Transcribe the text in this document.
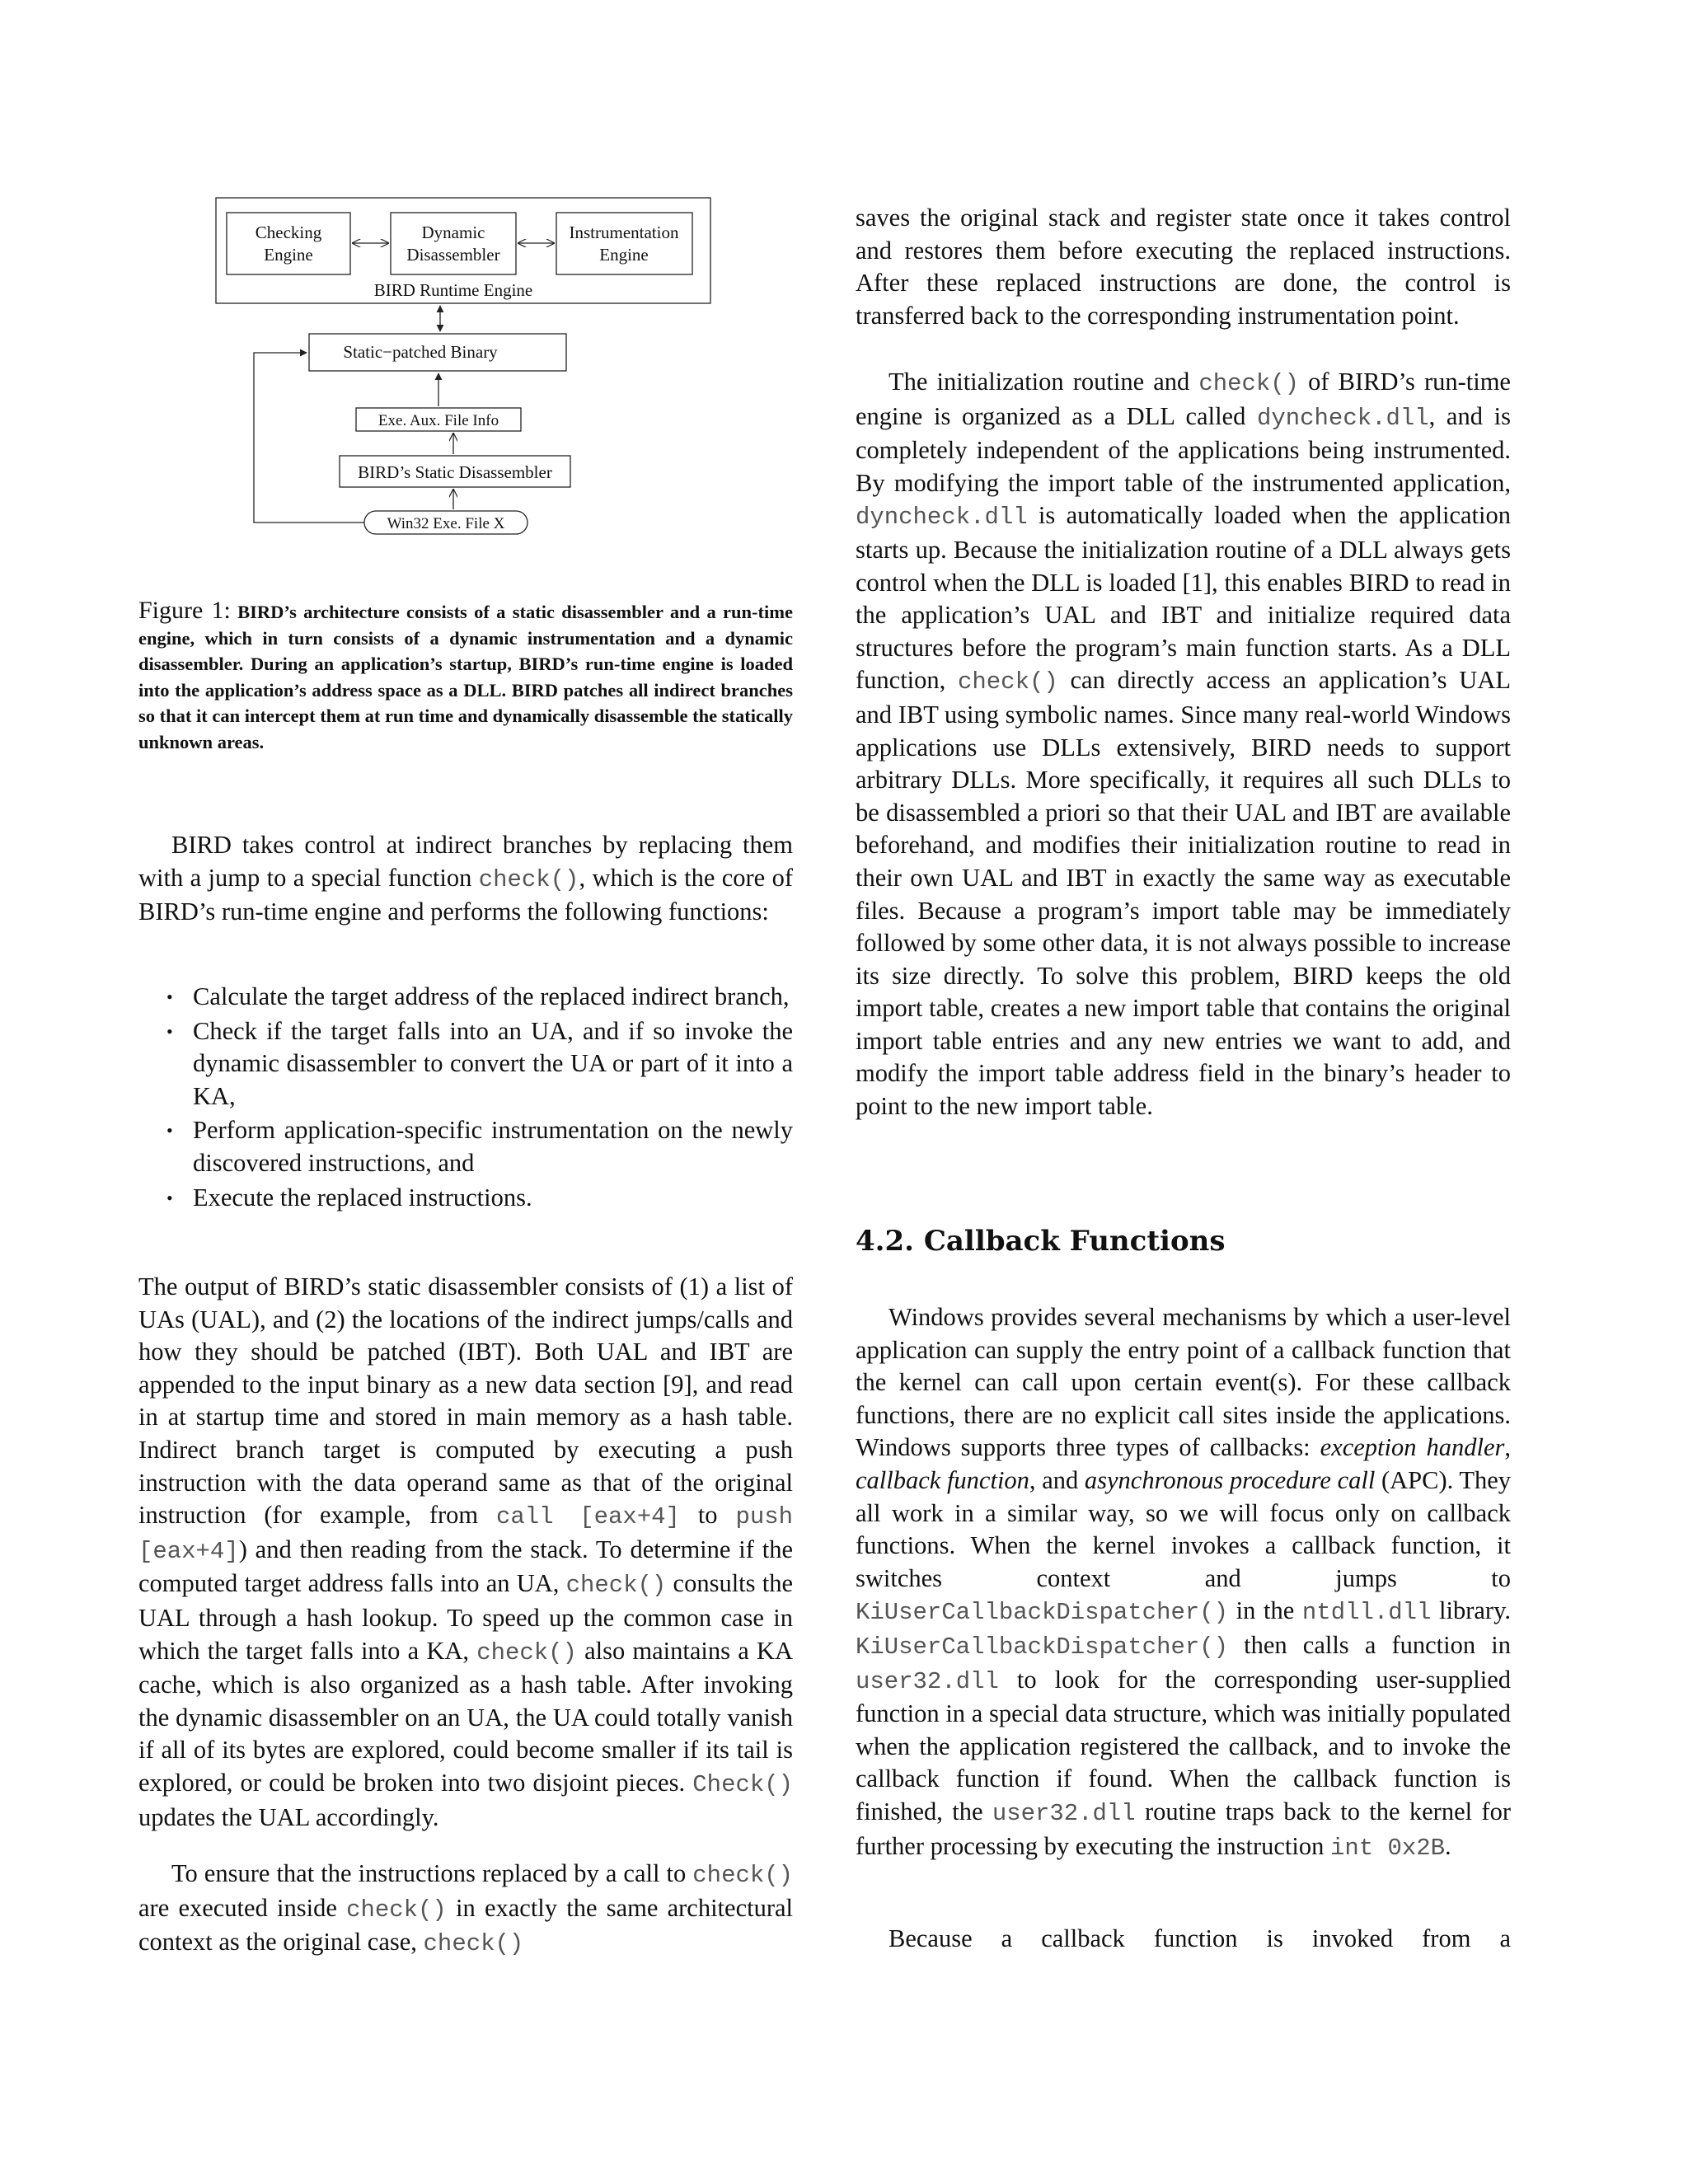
Checking
Engine
Dynamic
Disassembler
Instrumentation
Engine
BIRD Runtime Engine
Static−patched Binary
Exe. Aux. File Info
BIRD’s Static Disassembler
Win32 Exe. File X
Figure 1: BIRD’s architecture consists of a static disassembler and a run-time engine, which in turn consists of a dynamic instrumentation and a dynamic disassembler. During an application’s startup, BIRD’s run-time engine is loaded into the application’s address space as a DLL. BIRD patches all indirect branches so that it can intercept them at run time and dynamically disassemble the statically unknown areas.

BIRD takes control at indirect branches by replacing them with a jump to a special function check(), which is the core of BIRD’s run-time engine and performs the following functions:

• Calculate the target address of the replaced indirect branch,
• Check if the target falls into an UA, and if so invoke the dynamic disassembler to convert the UA or part of it into a KA,
• Perform application-specific instrumentation on the newly discovered instructions, and
• Execute the replaced instructions.

The output of BIRD’s static disassembler consists of (1) a list of UAs (UAL), and (2) the locations of the indirect jumps/calls and how they should be patched (IBT). Both UAL and IBT are appended to the input binary as a new data section [9], and read in at startup time and stored in main memory as a hash table. Indirect branch target is computed by executing a push instruction with the data operand same as that of the original instruction (for example, from call [eax+4] to push [eax+4]) and then reading from the stack. To determine if the computed target address falls into an UA, check() consults the UAL through a hash lookup. To speed up the common case in which the target falls into a KA, check() also maintains a KA cache, which is also organized as a hash table. After invoking the dynamic disassembler on an UA, the UA could totally vanish if all of its bytes are explored, could become smaller if its tail is explored, or could be broken into two disjoint pieces. Check() updates the UAL accordingly.

To ensure that the instructions replaced by a call to check() are executed inside check() in exactly the same architectural context as the original case, check()

saves the original stack and register state once it takes control and restores them before executing the replaced instructions. After these replaced instructions are done, the control is transferred back to the corresponding instrumentation point.

The initialization routine and check() of BIRD’s run-time engine is organized as a DLL called dyncheck.dll, and is completely independent of the applications being instrumented. By modifying the import table of the instrumented application, dyncheck.dll is automatically loaded when the application starts up. Because the initialization routine of a DLL always gets control when the DLL is loaded [1], this enables BIRD to read in the application’s UAL and IBT and initialize required data structures before the program’s main function starts. As a DLL function, check() can directly access an application’s UAL and IBT using symbolic names. Since many real-world Windows applications use DLLs extensively, BIRD needs to support arbitrary DLLs. More specifically, it requires all such DLLs to be disassembled a priori so that their UAL and IBT are available beforehand, and modifies their initialization routine to read in their own UAL and IBT in exactly the same way as executable files. Because a program’s import table may be immediately followed by some other data, it is not always possible to increase its size directly. To solve this problem, BIRD keeps the old import table, creates a new import table that contains the original import table entries and any new entries we want to add, and modify the import table address field in the binary’s header to point to the new import table.

4.2. Callback Functions

Windows provides several mechanisms by which a user-level application can supply the entry point of a callback function that the kernel can call upon certain event(s). For these callback functions, there are no explicit call sites inside the applications. Windows supports three types of callbacks: exception handler, callback function, and asynchronous procedure call (APC). They all work in a similar way, so we will focus only on callback functions. When the kernel invokes a callback function, it switches context and jumps to KiUserCallbackDispatcher() in the ntdll.dll library. KiUserCallbackDispatcher() then calls a function in user32.dll to look for the corresponding user-supplied function in a special data structure, which was initially populated when the application registered the callback, and to invoke the callback function if found. When the callback function is finished, the user32.dll routine traps back to the kernel for further processing by executing the instruction int 0x2B.

Because a callback function is invoked from a
